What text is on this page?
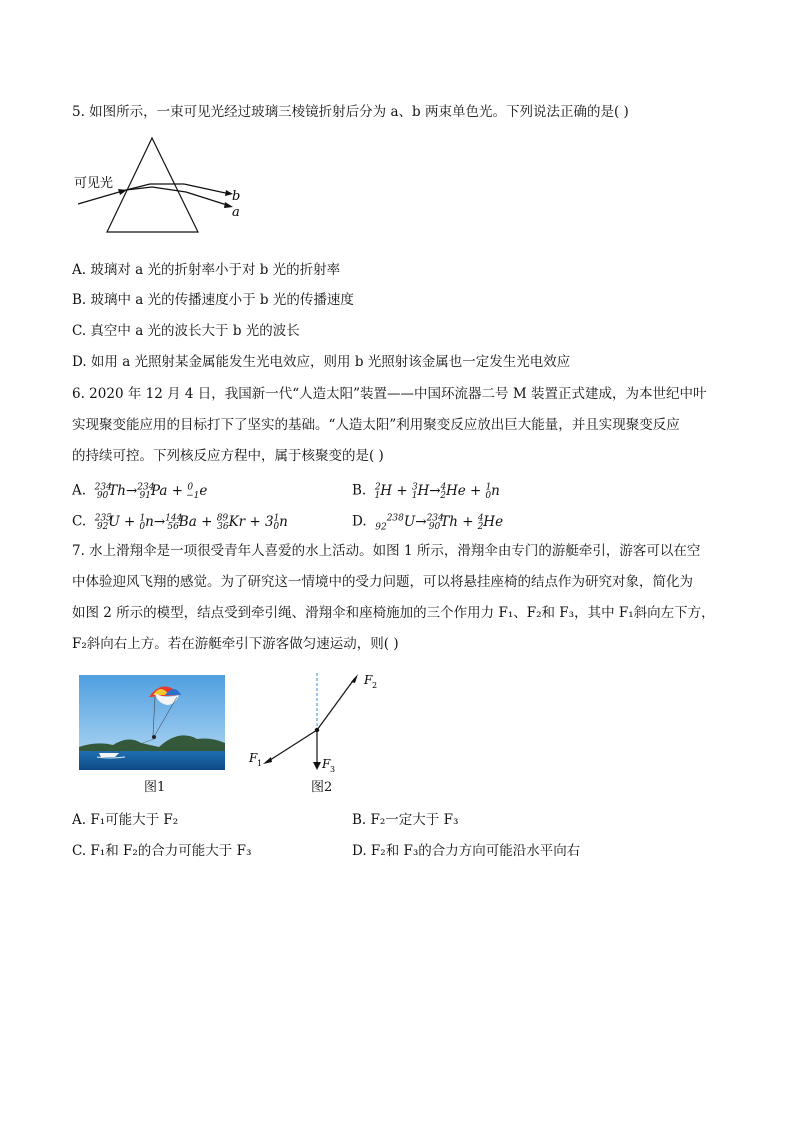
5. 如图所示，一束可见光经过玻璃三棱镜折射后分为 a、b 两束单色光。下列说法正确的是( )
可见光
b
a
A. 玻璃对 a 光的折射率小于对 b 光的折射率
B. 玻璃中 a 光的传播速度小于 b 光的传播速度
C. 真空中 a 光的波长大于 b 光的波长
D. 如用 a 光照射某金属能发生光电效应，则用 b 光照射该金属也一定发生光电效应
6. 2020 年 12 月 4 日，我国新一代“人造太阳”装置——中国环流器二号 M 装置正式建成，为本世纪中叶
实现聚变能应用的目标打下了坚实的基础。“人造太阳”利用聚变反应放出巨大能量，并且实现聚变反应
的持续可控。下列核反应方程中，属于核聚变的是( )
A. $^{234}_{90}$Th→$^{234}_{91}$Pa + $^0_{-1}$e	B. $^2_1$H + $^3_1$H→$^4_2$He + $^1_0$n
C. $^{235}_{92}U + ^1_0n\to^{144}_{56}Ba + ^{89}_{36}Kr + 3^1_0n$	D. $_{92}^{238}$U→$^{234}_{90}$Th + $^4_2$He
7. 水上滑翔伞是一项很受青年人喜爱的水上活动。如图 1 所示，滑翔伞由专门的游艇牵引，游客可以在空
中体验迎风飞翔的感觉。为了研究这一情境中的受力问题，可以将悬挂座椅的结点作为研究对象，简化为
如图 2 所示的模型，结点受到牵引绳、滑翔伞和座椅施加的三个作用力 F₁、F₂和 F₃，其中 F₁斜向左下方，
F₂斜向右上方。若在游艇牵引下游客做匀速运动，则( )
图1
F 2
F 1	F 3
图2
A. F₁可能大于 F₂	B. F₂一定大于 F₃
C. F₁和 F₂的合力可能大于 F₃	D. F₂和 F₃的合力方向可能沿水平向右
